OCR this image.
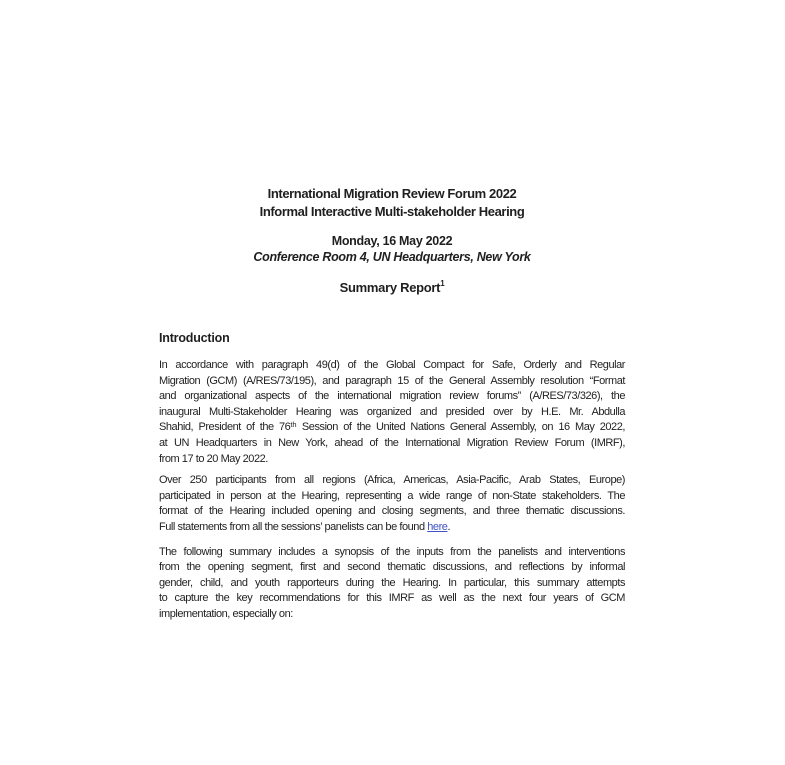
International Migration Review Forum 2022
Informal Interactive Multi-stakeholder Hearing
Monday, 16 May 2022
Conference Room 4, UN Headquarters, New York
Summary Report$^1$
Introduction
In accordance with paragraph 49(d) of the Global Compact for Safe, Orderly and Regular
Migration (GCM) (A/RES/73/195), and paragraph 15 of the General Assembly resolution “Format
and organizational aspects of the international migration review forums” (A/RES/73/326), the
inaugural Multi-Stakeholder Hearing was organized and presided over by H.E. Mr. Abdulla
Shahid, President of the 76th Session of the United Nations General Assembly, on 16 May 2022,
at UN Headquarters in New York, ahead of the International Migration Review Forum (IMRF),
from 17 to 20 May 2022.
Over 250 participants from all regions (Africa, Americas, Asia-Pacific, Arab States, Europe)
participated in person at the Hearing, representing a wide range of non-State stakeholders. The
format of the Hearing included opening and closing segments, and three thematic discussions.
Full statements from all the sessions’ panelists can be found here.
The following summary includes a synopsis of the inputs from the panelists and interventions
from the opening segment, first and second thematic discussions, and reflections by informal
gender, child, and youth rapporteurs during the Hearing. In particular, this summary attempts
to capture the key recommendations for this IMRF as well as the next four years of GCM
implementation, especially on:
